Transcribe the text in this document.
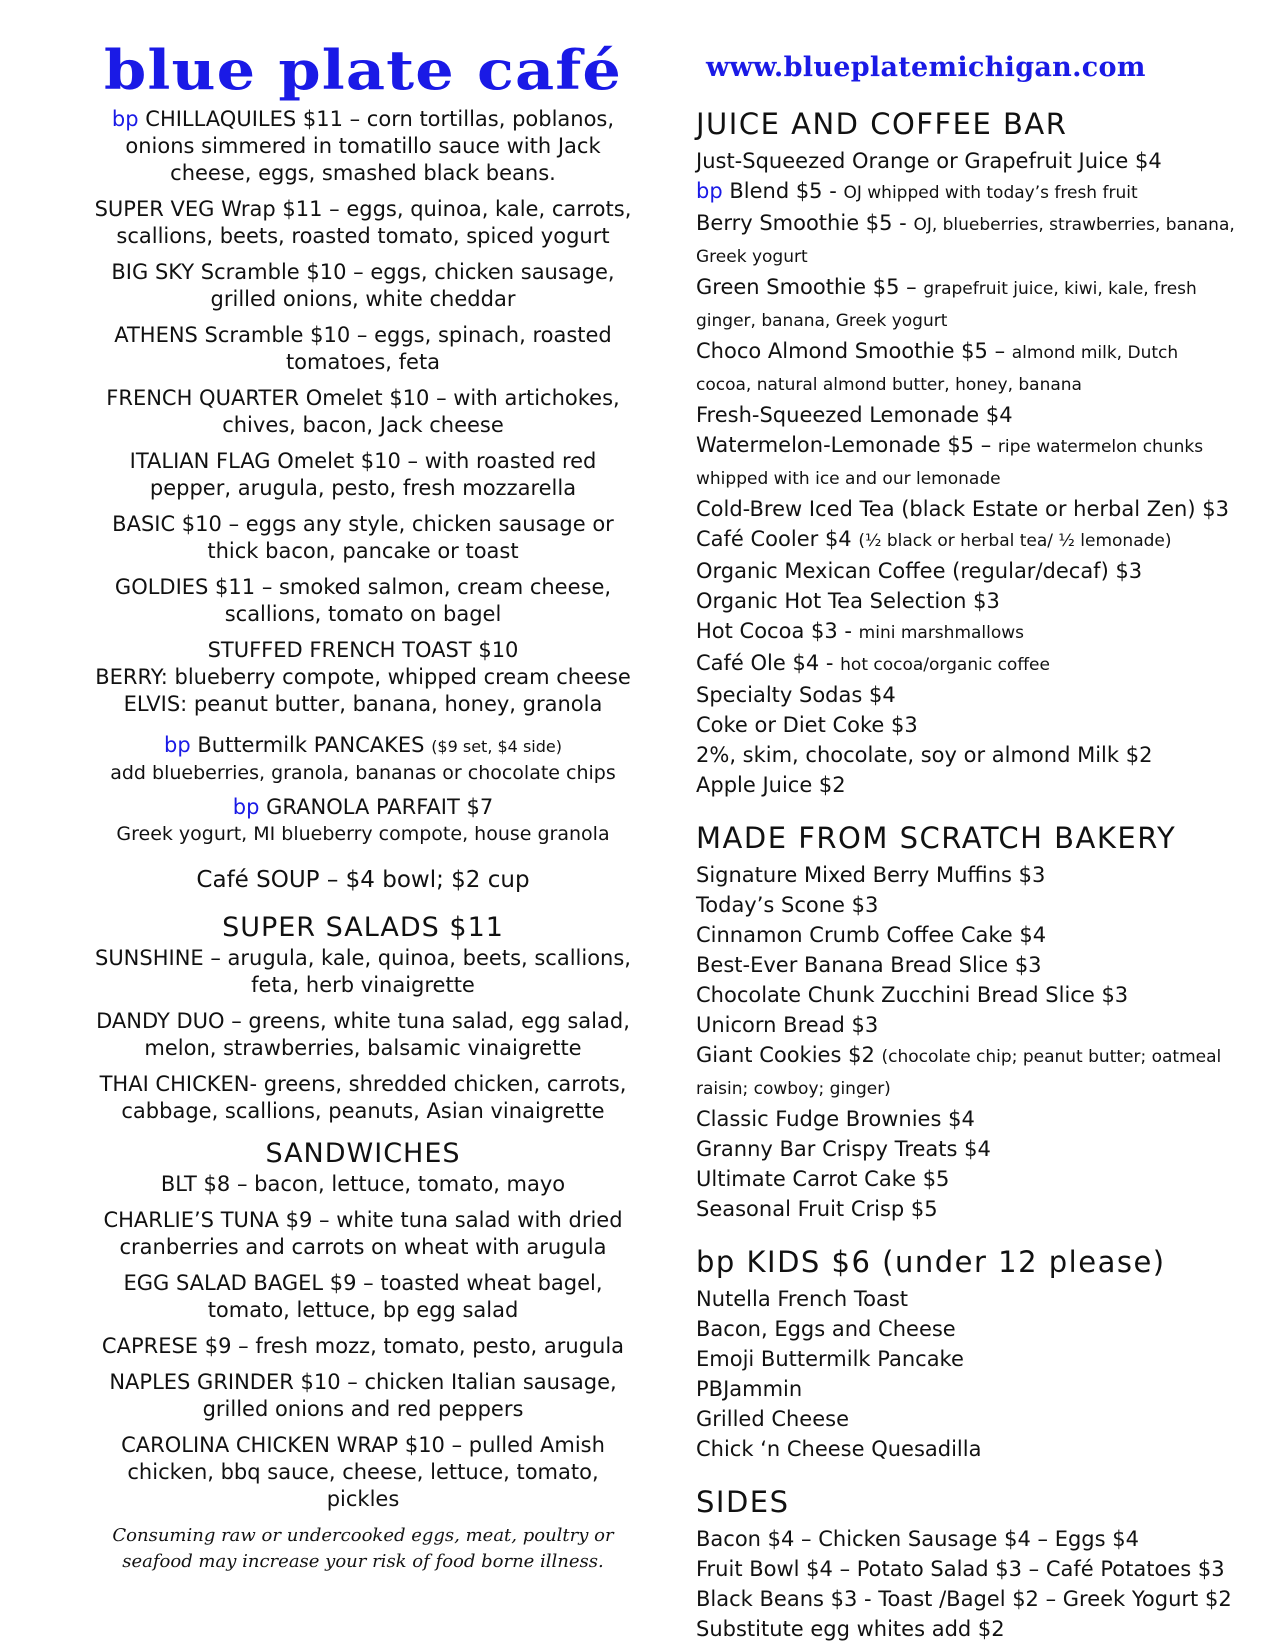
blue plate café
bp CHILLAQUILES $11 – corn tortillas, poblanos, onions simmered in tomatillo sauce with Jack cheese, eggs, smashed black beans.
SUPER VEG Wrap $11 – eggs, quinoa, kale, carrots, scallions, beets, roasted tomato, spiced yogurt
BIG SKY Scramble $10 – eggs, chicken sausage, grilled onions, white cheddar
ATHENS Scramble $10 – eggs, spinach, roasted tomatoes, feta
FRENCH QUARTER Omelet $10 – with artichokes, chives, bacon, Jack cheese
ITALIAN FLAG Omelet $10 – with roasted red pepper, arugula, pesto, fresh mozzarella
BASIC $10 – eggs any style, chicken sausage or thick bacon, pancake or toast
GOLDIES $11 – smoked salmon, cream cheese, scallions, tomato on bagel
STUFFED FRENCH TOAST $10
BERRY: blueberry compote, whipped cream cheese
ELVIS: peanut butter, banana, honey, granola
bp Buttermilk PANCAKES ($9 set, $4 side)
add blueberries, granola, bananas or chocolate chips
bp GRANOLA PARFAIT $7
Greek yogurt, MI blueberry compote, house granola
Café SOUP – $4 bowl; $2 cup
SUPER SALADS $11
SUNSHINE – arugula, kale, quinoa, beets, scallions, feta, herb vinaigrette
DANDY DUO – greens, white tuna salad, egg salad, melon, strawberries, balsamic vinaigrette
THAI CHICKEN- greens, shredded chicken, carrots, cabbage, scallions, peanuts, Asian vinaigrette
SANDWICHES
BLT $8 – bacon, lettuce, tomato, mayo
CHARLIE’S TUNA $9 – white tuna salad with dried cranberries and carrots on wheat with arugula
EGG SALAD BAGEL $9 – toasted wheat bagel, tomato, lettuce, bp egg salad
CAPRESE $9 – fresh mozz, tomato, pesto, arugula
NAPLES GRINDER $10 – chicken Italian sausage, grilled onions and red peppers
CAROLINA CHICKEN WRAP $10 – pulled Amish chicken, bbq sauce, cheese, lettuce, tomato, pickles
Consuming raw or undercooked eggs, meat, poultry or seafood may increase your risk of food borne illness.
www.blueplatemichigan.com
JUICE AND COFFEE BAR
Just-Squeezed Orange or Grapefruit Juice $4
bp Blend $5 - OJ whipped with today’s fresh fruit
Berry Smoothie $5 - OJ, blueberries, strawberries, banana, Greek yogurt
Green Smoothie $5 – grapefruit juice, kiwi, kale, fresh ginger, banana, Greek yogurt
Choco Almond Smoothie $5 – almond milk, Dutch cocoa, natural almond butter, honey, banana
Fresh-Squeezed Lemonade $4
Watermelon-Lemonade $5 – ripe watermelon chunks whipped with ice and our lemonade
Cold-Brew Iced Tea (black Estate or herbal Zen) $3
Café Cooler $4 (½ black or herbal tea/ ½ lemonade)
Organic Mexican Coffee (regular/decaf) $3
Organic Hot Tea Selection $3
Hot Cocoa $3 - mini marshmallows
Café Ole $4 - hot cocoa/organic coffee
Specialty Sodas $4
Coke or Diet Coke $3
2%, skim, chocolate, soy or almond Milk $2
Apple Juice $2
MADE FROM SCRATCH BAKERY
Signature Mixed Berry Muffins $3
Today’s Scone $3
Cinnamon Crumb Coffee Cake $4
Best-Ever Banana Bread Slice $3
Chocolate Chunk Zucchini Bread Slice $3
Unicorn Bread $3
Giant Cookies $2 (chocolate chip; peanut butter; oatmeal raisin; cowboy; ginger)
Classic Fudge Brownies $4
Granny Bar Crispy Treats $4
Ultimate Carrot Cake $5
Seasonal Fruit Crisp $5
bp KIDS $6 (under 12 please)
Nutella French Toast
Bacon, Eggs and Cheese
Emoji Buttermilk Pancake
PBJammin
Grilled Cheese
Chick ‘n Cheese Quesadilla
SIDES
Bacon $4 – Chicken Sausage $4 – Eggs $4
Fruit Bowl $4 – Potato Salad $3 – Café Potatoes $3
Black Beans $3 - Toast /Bagel $2 – Greek Yogurt $2
Substitute egg whites add $2
